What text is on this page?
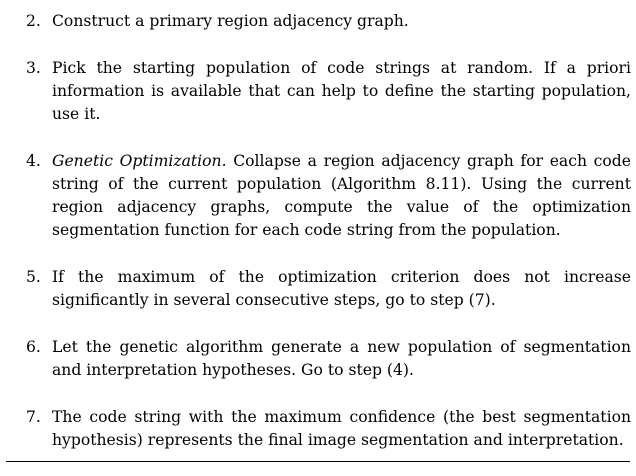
2. Construct a primary region adjacency graph.
3. Pick the starting population of code strings at random. If a priori information is available that can help to define the starting population, use it.
4. Genetic Optimization. Collapse a region adjacency graph for each code string of the current population (Algorithm 8.11). Using the current region adjacency graphs, compute the value of the optimization segmentation function for each code string from the population.
5. If the maximum of the optimization criterion does not increase significantly in several consecutive steps, go to step (7).
6. Let the genetic algorithm generate a new population of segmentation and interpretation hypotheses. Go to step (4).
7. The code string with the maximum confidence (the best segmentation hypothesis) represents the final image segmentation and interpretation.
